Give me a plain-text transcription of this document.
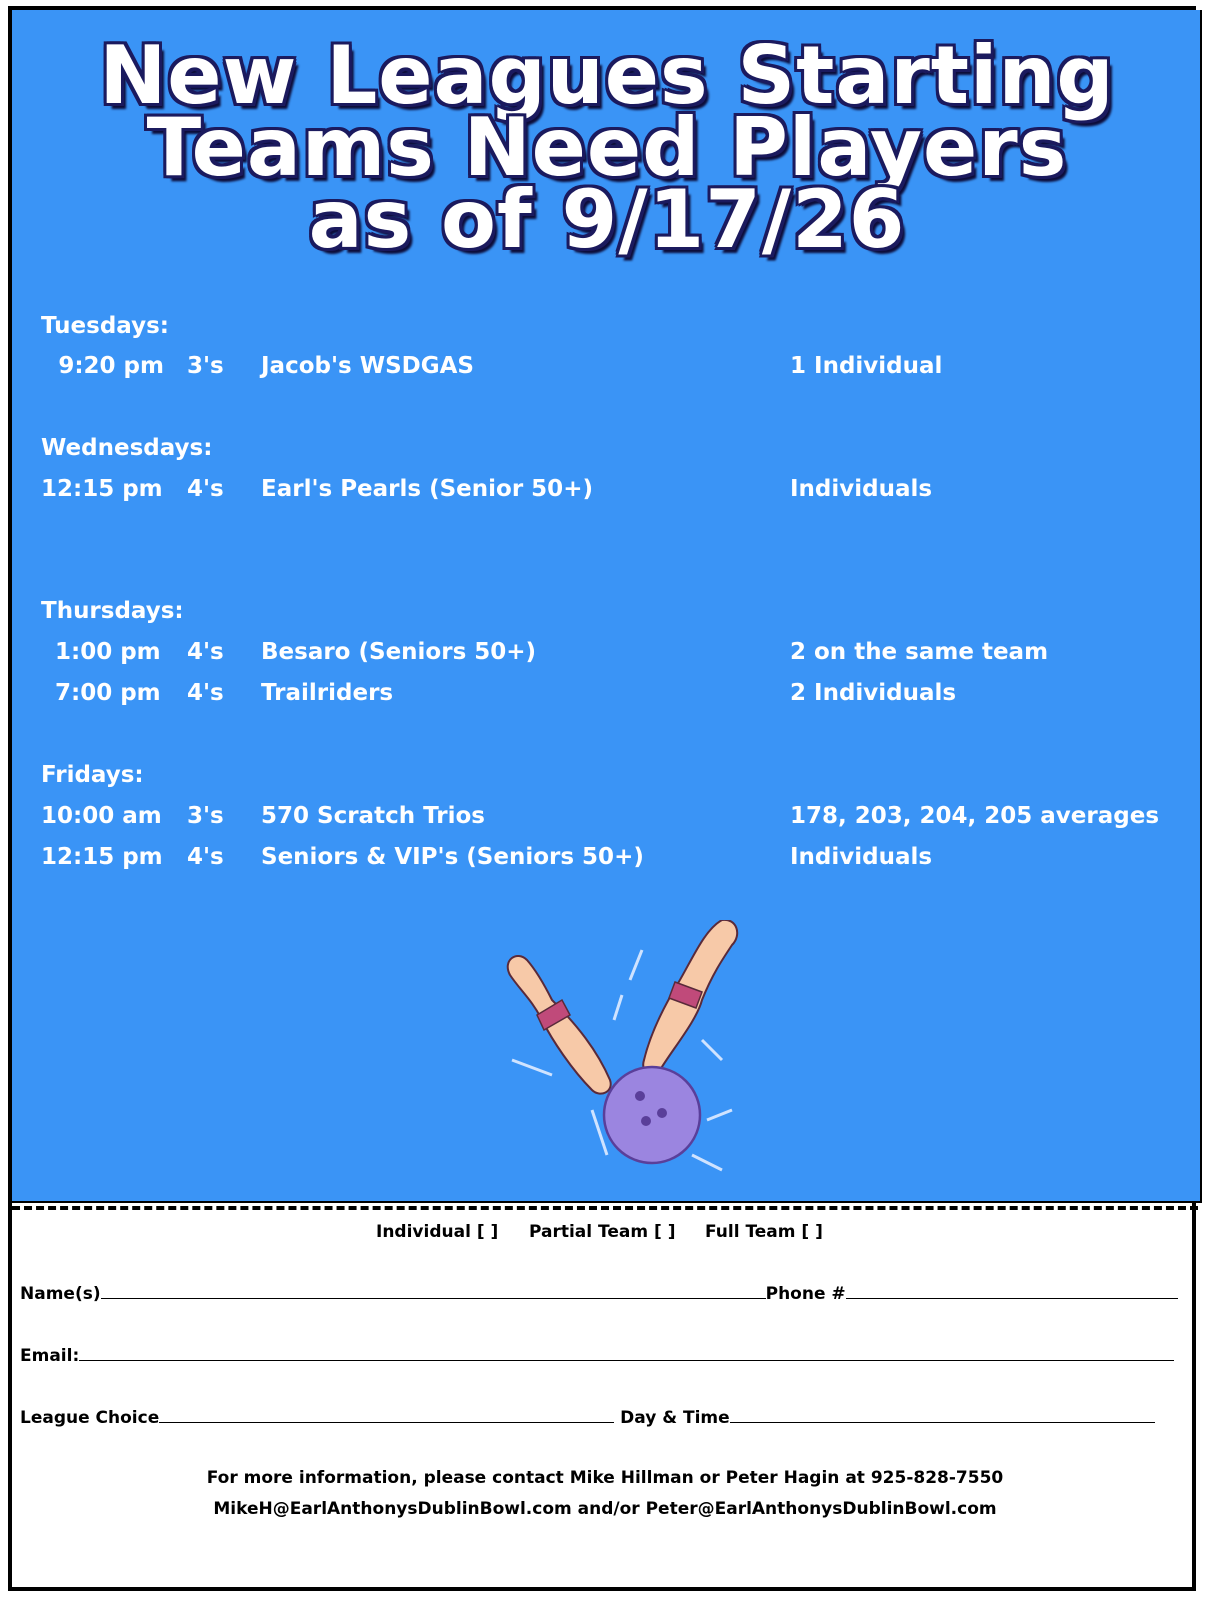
New Leagues Starting
Teams Need Players
as of 9/17/26
Tuesdays:
9:20 pm 3's Jacob's WSDGAS	1 Individual
Wednesdays:
12:15 pm 4's Earl's Pearls (Senior 50+)	Individuals
Thursdays:
1:00 pm 4's Besaro (Seniors 50+)	2 on the same team
7:00 pm 4's Trailriders	2 Individuals
Fridays:
10:00 am 3's 570 Scratch Trios	178, 203, 204, 205 averages
12:15 pm 4's Seniors & VIP's (Seniors 50+)	Individuals
Individual [ ] Partial Team [ ] Full Team [ ]
Name(s)	Phone #
Email:
League Choice	Day & Time
For more information, please contact Mike Hillman or Peter Hagin at 925-828-7550
MikeH@EarlAnthonysDublinBowl.com and/or Peter@EarlAnthonysDublinBowl.com
